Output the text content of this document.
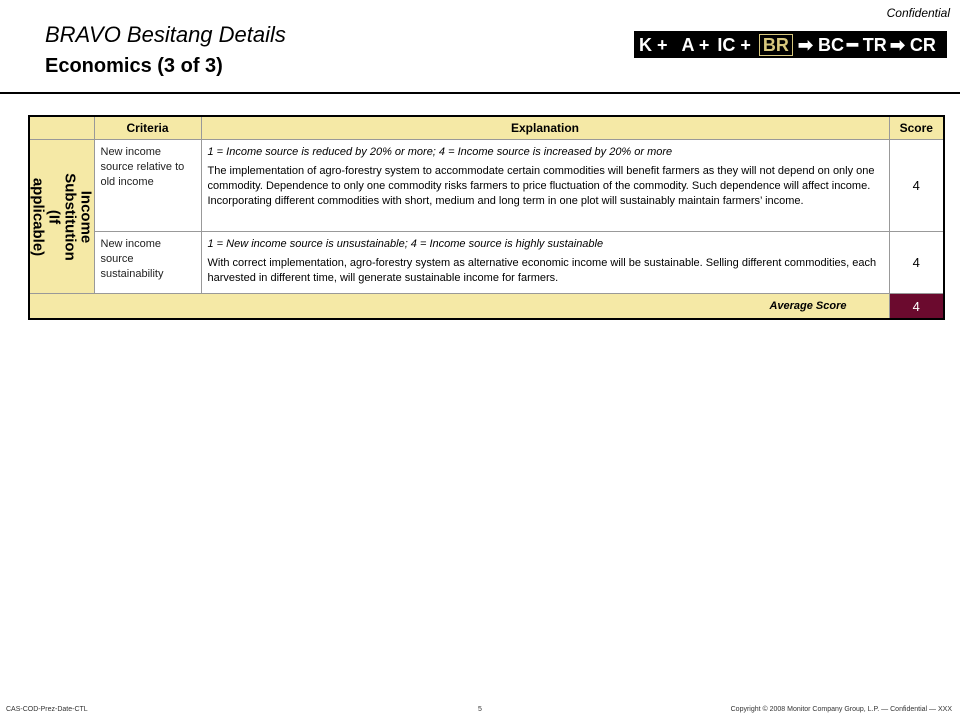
Confidential
BRAVO Besitang Details
Economics (3 of 3)
K + A + IC + BR ➡ BC ━ TR ➡ CR
	Criteria	Explanation	Score

Income Substitution (If applicable)	New income source relative to old income	1 = Income source is reduced by 20% or more; 4 = Income source is increased by 20% or more
The implementation of agro-forestry system to accommodate certain commodities will benefit farmers as they will not depend on only one commodity. Dependence to only one commodity risks farmers to price fluctuation of the commodity. Such dependence will affect income. Incorporating different commodities with short, medium and long term in one plot will sustainably maintain farmers’ income.	4
	New income source sustainability	1 = New income source is unsustainable; 4 = Income source is highly sustainable
With correct implementation, agro-forestry system as alternative economic income will be sustainable. Selling different commodities, each harvested in different time, will generate sustainable income for farmers.	4
Average Score			4
CAS-COD-Prez-Date-CTL	5	Copyright © 2008 Monitor Company Group, L.P. — Confidential — XXX
